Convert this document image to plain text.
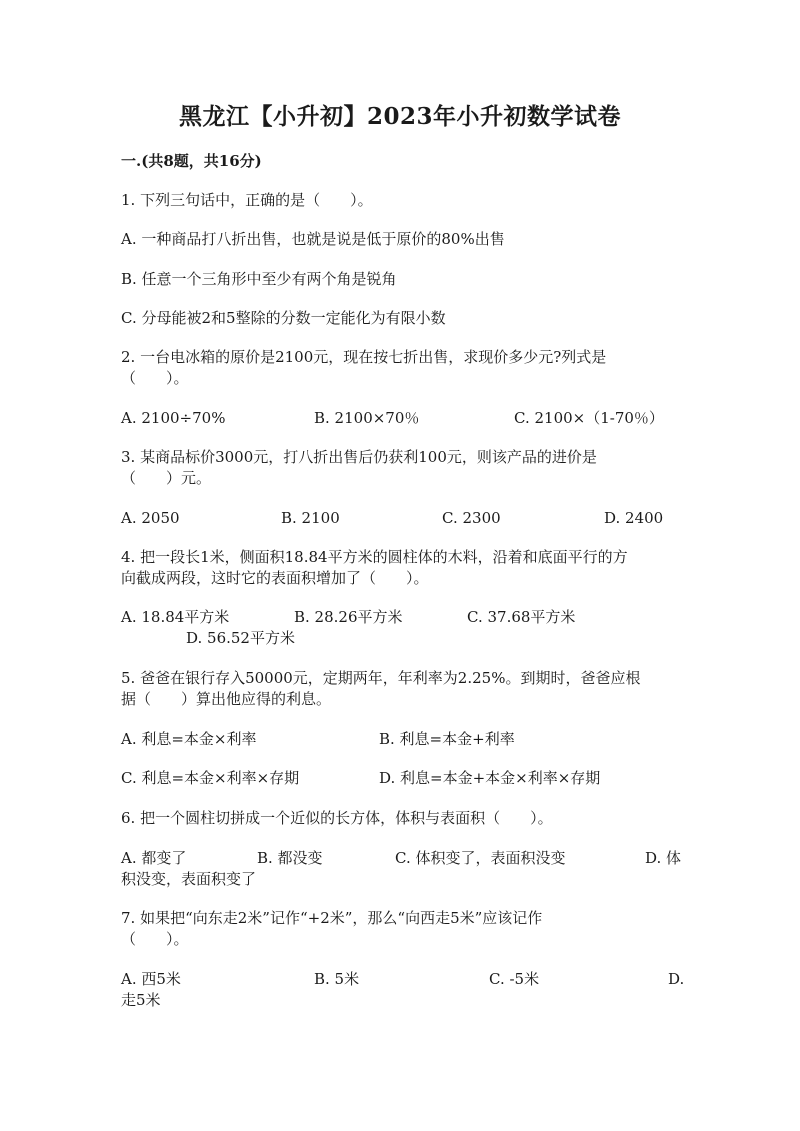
黑龙江【小升初】2023年小升初数学试卷
一.(共8题，共16分)
1. 下列三句话中，正确的是（　　）。
A. 一种商品打八折出售，也就是说是低于原价的80%出售
B. 任意一个三角形中至少有两个角是锐角
C. 分母能被2和5整除的分数一定能化为有限小数
2. 一台电冰箱的原价是2100元，现在按七折出售，求现价多少元?列式是
（　　）。
A. 2100÷70%	B. 2100×70％	C. 2100×（1-70％）
3. 某商品标价3000元，打八折出售后仍获利100元，则该产品的进价是
（　　）元。
A. 2050	B. 2100	C. 2300	D. 2400
4. 把一段长1米，侧面积18.84平方米的圆柱体的木料，沿着和底面平行的方
向截成两段，这时它的表面积增加了（　　）。
A. 18.84平方米	B. 28.26平方米	C. 37.68平方米
D. 56.52平方米
5. 爸爸在银行存入50000元，定期两年，年利率为2.25%。到期时，爸爸应根
据（　　）算出他应得的利息。
A. 利息=本金×利率	B. 利息=本金+利率
C. 利息=本金×利率×存期	D. 利息=本金+本金×利率×存期
6. 把一个圆柱切拼成一个近似的长方体，体积与表面积（　　）。
A. 都变了	B. 都没变	C. 体积变了，表面积没变	D. 体
积没变，表面积变了
7. 如果把“向东走2米”记作“+2米”，那么“向西走5米”应该记作
（　　）。
A. 西5米	B. 5米	C. -5米	D.
走5米
